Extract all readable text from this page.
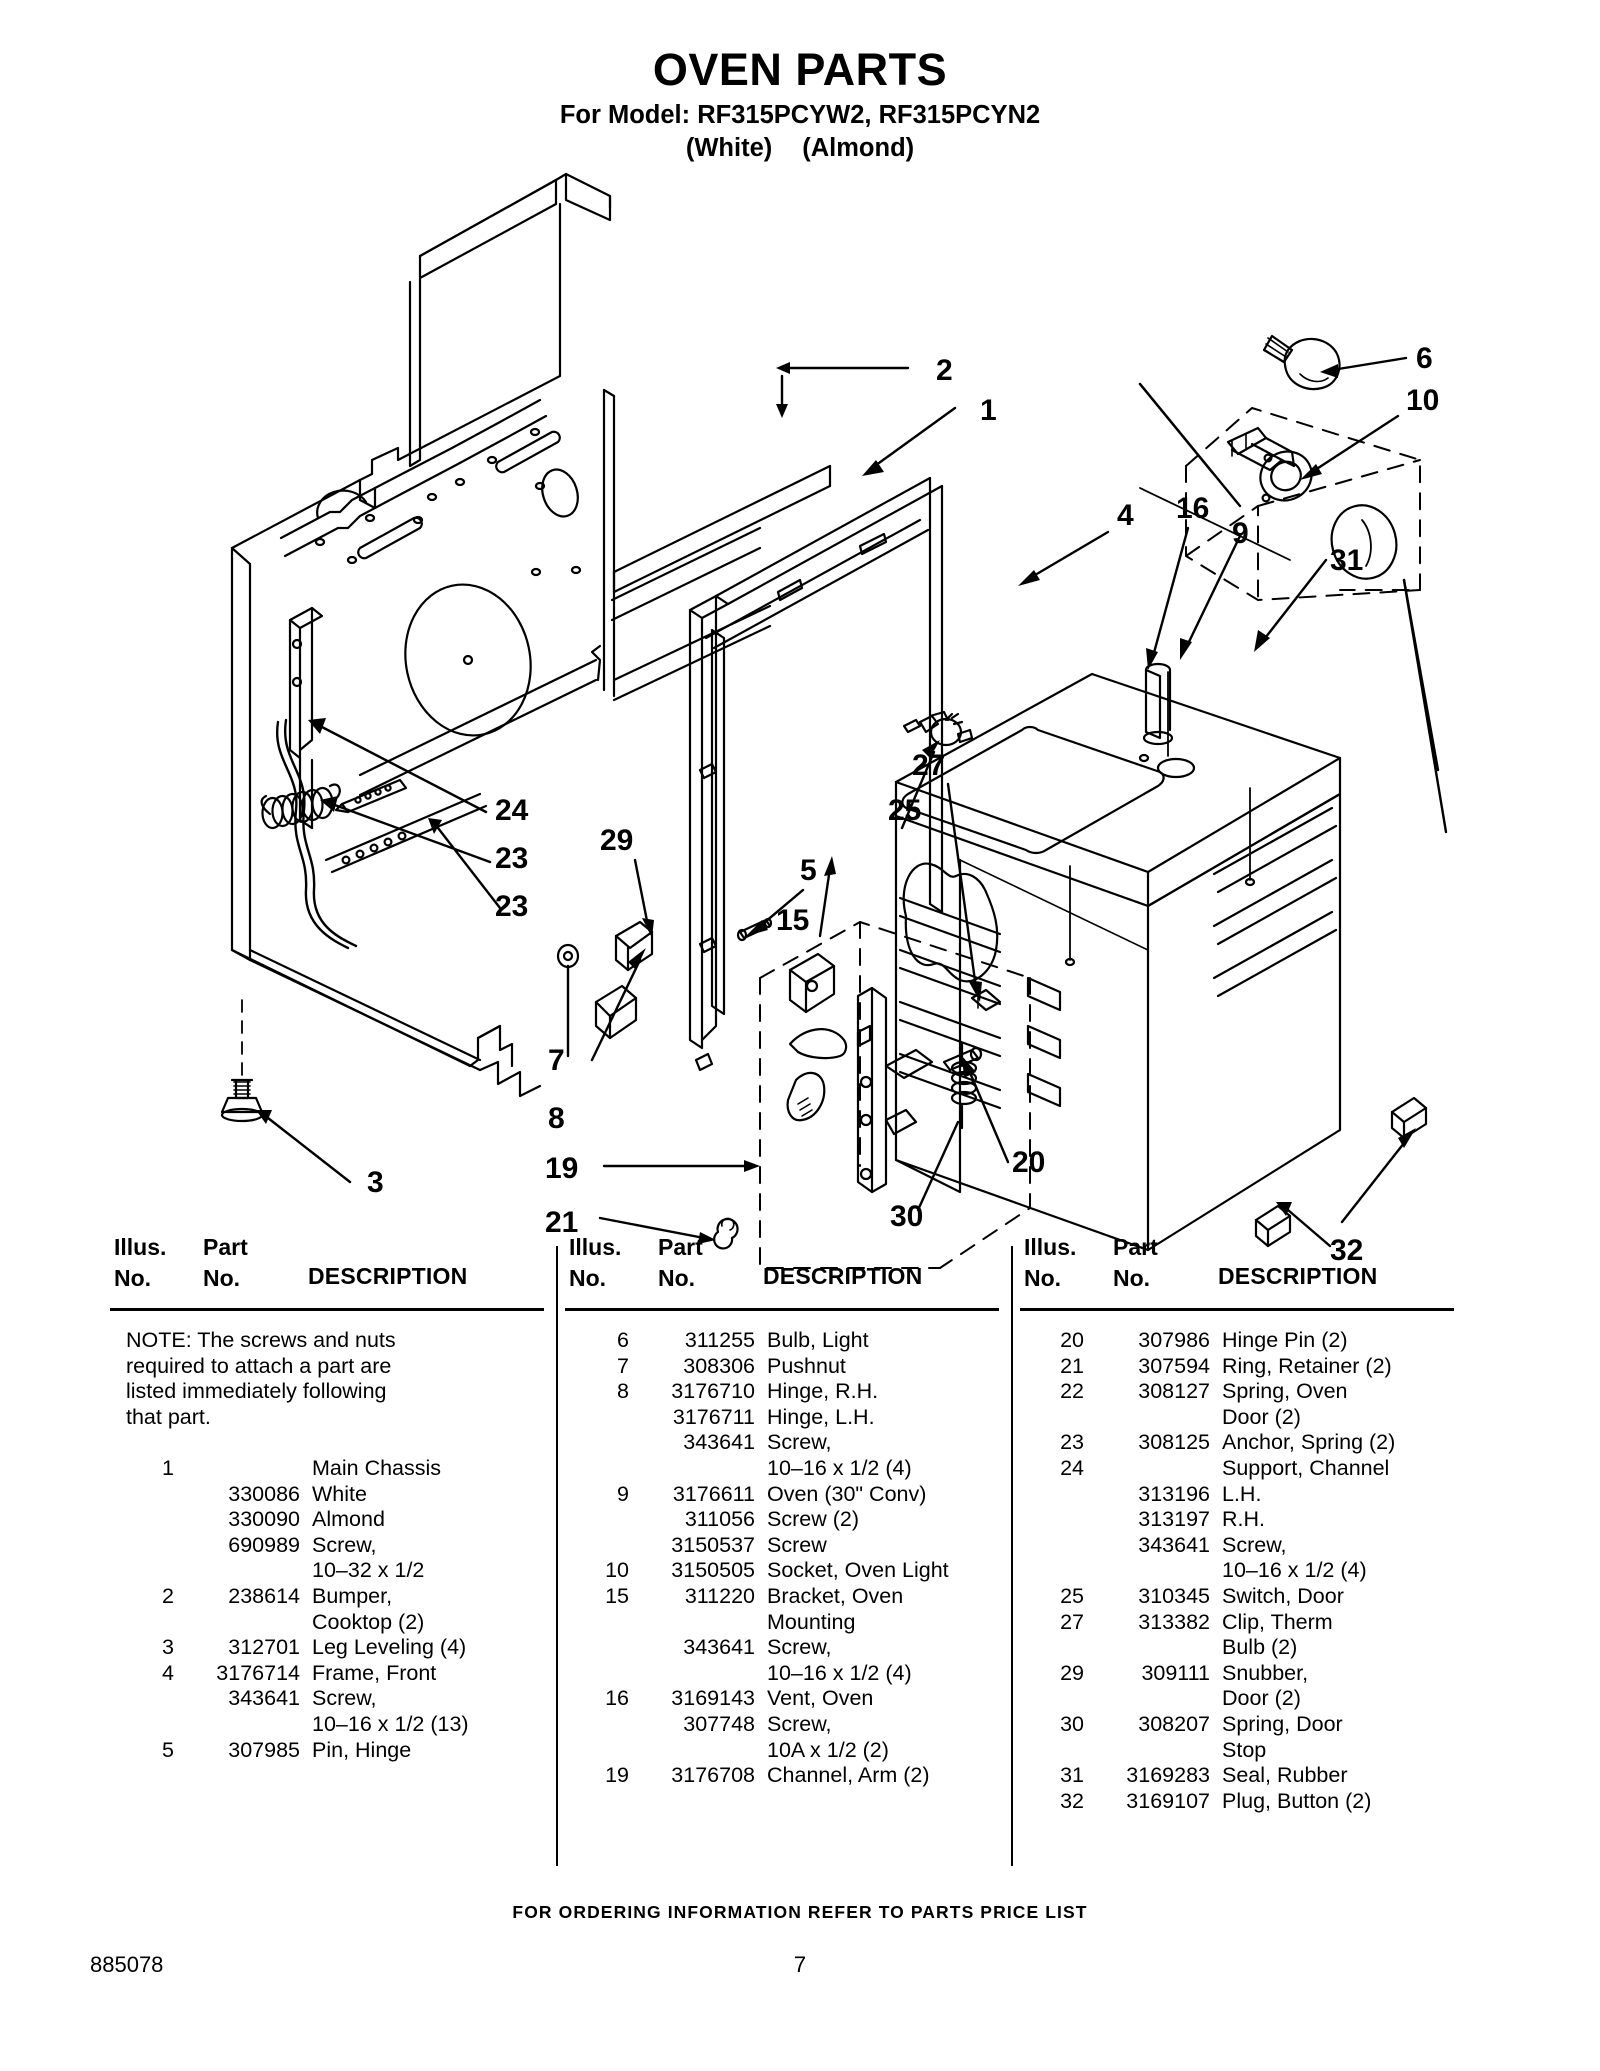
OVEN PARTS
For Model: RF315PCYW2, RF315PCYN2
(White) (Almond)
2
1
4
6
10
16
9
31
24
23
23
29
5
25
27
15
3
7
8
19
21	30
20
32
Illus.
No.
Part
No.	DESCRIPTION
NOTE: The screws and nuts
required to attach a part are
listed immediately following
that part.
1	Main Chassis
330086 White
330090 Almond
690989 Screw,
10–32 x 1/2
2	238614 Bumper,
Cooktop (2)
3	312701 Leg Leveling (4)
4	3176714 Frame, Front
343641 Screw,
10–16 x 1/2 (13)
5	307985 Pin, Hinge
Illus.
No.
Part
No.	DESCRIPTION
6	311255 Bulb, Light
7	308306 Pushnut
8	3176710 Hinge, R.H.
3176711 Hinge, L.H.
343641 Screw,
10–16 x 1/2 (4)
9	3176611 Oven (30" Conv)
311056 Screw (2)
3150537 Screw
10	3150505 Socket, Oven Light
15	311220 Bracket, Oven
Mounting
343641 Screw,
10–16 x 1/2 (4)
16	3169143 Vent, Oven
307748 Screw,
10A x 1/2 (2)
19	3176708 Channel, Arm (2)
Illus.
No.
Part
No.	DESCRIPTION
20	307986 Hinge Pin (2)
21	307594 Ring, Retainer (2)
22	308127 Spring, Oven
Door (2)
23	308125 Anchor, Spring (2)
24	Support, Channel
313196 L.H.
313197 R.H.
343641 Screw,
10–16 x 1/2 (4)
25	310345 Switch, Door
27	313382 Clip, Therm
Bulb (2)
29	309111 Snubber,
Door (2)
30	308207 Spring, Door
Stop
31	3169283 Seal, Rubber
32	3169107 Plug, Button (2)
FOR ORDERING INFORMATION REFER TO PARTS PRICE LIST
885078	7
